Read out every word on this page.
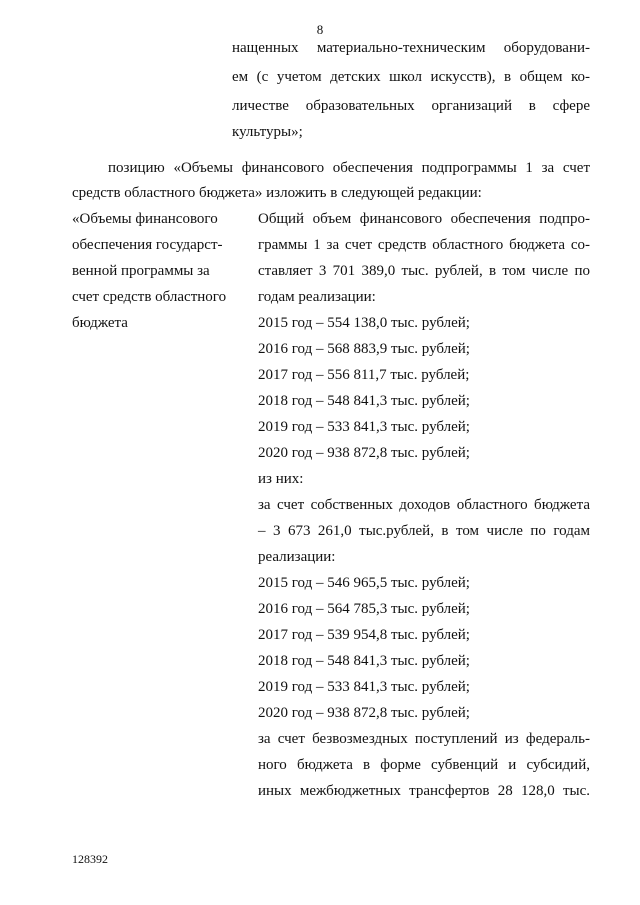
8
нащенных материально-техническим оборудовани-
ем (с учетом детских школ искусств), в общем ко-
личестве образовательных организаций в сфере
культуры»;
позицию «Объемы финансового обеспечения подпрограммы 1 за счет
средств областного бюджета» изложить в следующей редакции:
«Объемы финансового
обеспечения государст-
венной программы за
счет средств областного
бюджета
Общий объем финансового обеспечения подпро-
граммы 1 за счет средств областного бюджета со-
ставляет 3 701 389,0 тыс. рублей, в том числе по
годам реализации:
2015 год – 554 138,0 тыс. рублей;
2016 год – 568 883,9 тыс. рублей;
2017 год – 556 811,7 тыс. рублей;
2018 год – 548 841,3 тыс. рублей;
2019 год – 533 841,3 тыс. рублей;
2020 год – 938 872,8 тыс. рублей;
из них:
за счет собственных доходов областного бюджета
– 3 673 261,0 тыс.рублей, в том числе по годам
реализации:
2015 год – 546 965,5 тыс. рублей;
2016 год – 564 785,3 тыс. рублей;
2017 год – 539 954,8 тыс. рублей;
2018 год – 548 841,3 тыс. рублей;
2019 год – 533 841,3 тыс. рублей;
2020 год – 938 872,8 тыс. рублей;
за счет безвозмездных поступлений из федераль-
ного бюджета в форме субвенций и субсидий,
иных межбюджетных трансфертов 28 128,0 тыс.
128392
